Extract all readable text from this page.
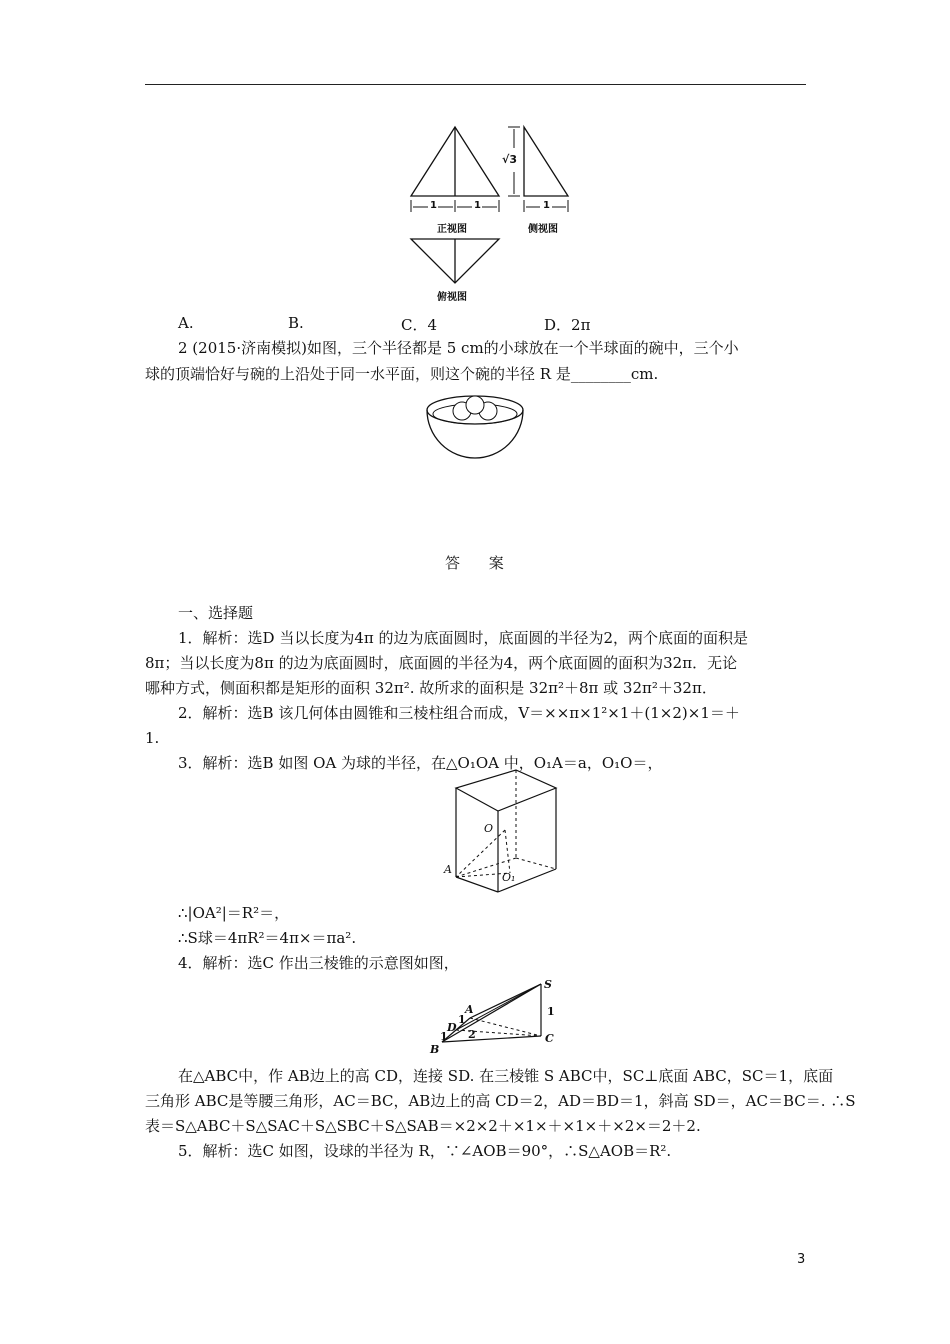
1	1	1
√3
正视图	侧视图
俯视图
A.	B.	C．4	D．2π
2 (2015·济南模拟)如图，三个半径都是 5 cm的小球放在一个半球面的碗中，三个小
球的顶端恰好与碗的上沿处于同一水平面，则这个碗的半径 R 是________cm.
答 案
一、选择题
1．解析：选D 当以长度为4π 的边为底面圆时，底面圆的半径为2，两个底面的面积是
8π；当以长度为8π 的边为底面圆时，底面圆的半径为4，两个底面圆的面积为32π．无论
哪种方式，侧面积都是矩形的面积 32π². 故所求的面积是 32π²＋8π 或 32π²＋32π．
2．解析：选B 该几何体由圆锥和三棱柱组合而成，V＝××π×1²×1＋(1×2)×1＝＋
1.
3．解析：选B 如图 OA 为球的半径，在△O₁OA 中，O₁A＝a，O₁O＝，
O
A
O₁
∴|OA²|＝R²＝，
∴S球＝4πR²＝4π×＝πa².
4．解析：选C 作出三棱锥的示意图如图，
S
A
D
B
C
1
1
1 2
在△ABC中，作 AB边上的高 CD，连接 SD. 在三棱锥 S ABC中，SC⊥底面 ABC，SC＝1，底面
三角形 ABC是等腰三角形，AC＝BC，AB边上的高 CD＝2，AD＝BD＝1，斜高 SD＝，AC＝BC＝. ∴S
表＝S△ABC＋S△SAC＋S△SBC＋S△SAB＝×2×2＋×1×＋×1×＋×2×＝2＋2.
5．解析：选C 如图，设球的半径为 R，∵∠AOB＝90°，∴S△AOB＝R².
3
